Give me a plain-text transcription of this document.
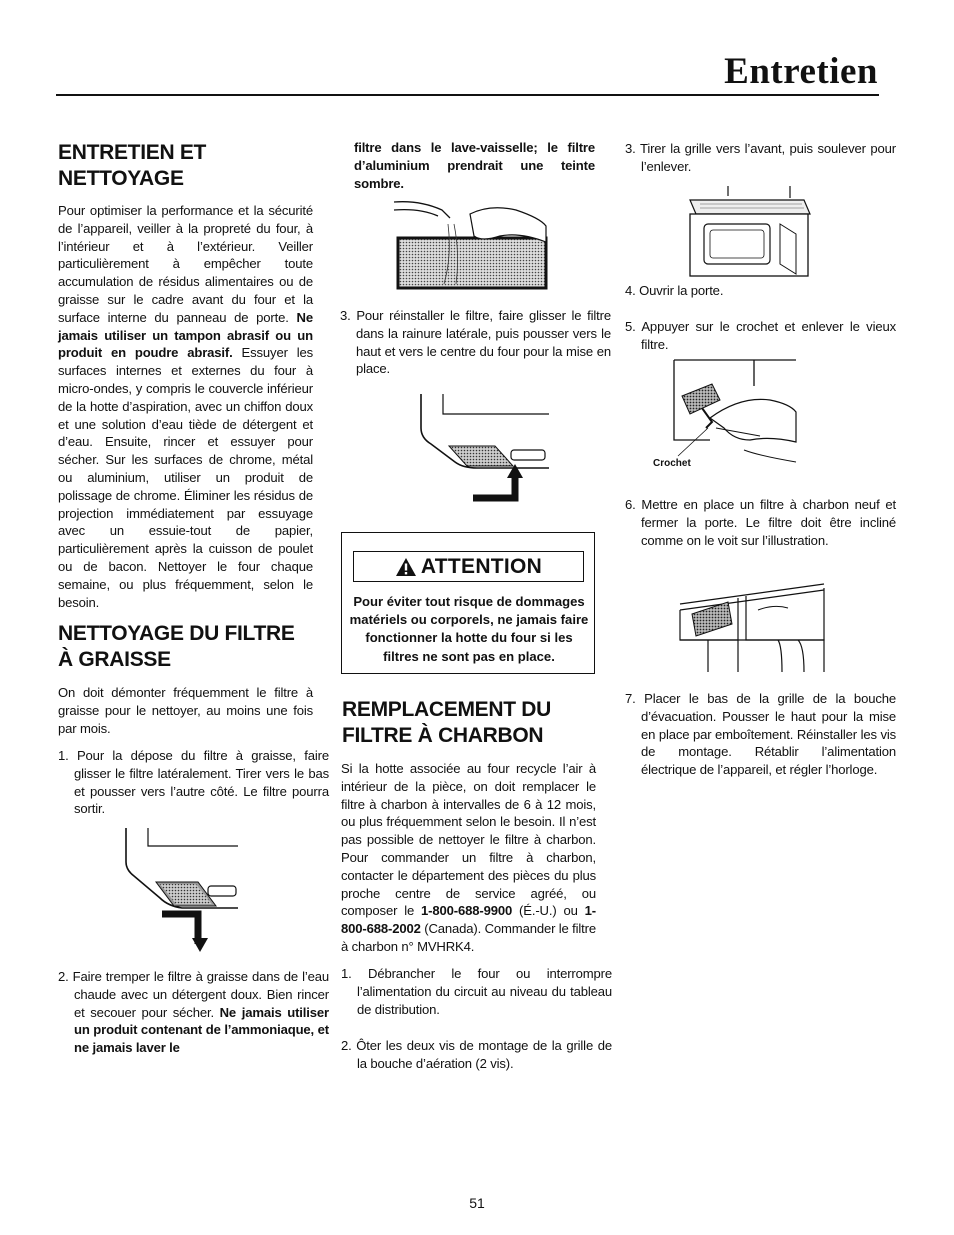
Entretien
ENTRETIEN ET NETTOYAGE

Pour optimiser la performance et la sécurité de l’appareil, veiller à la propreté du four, à l’intérieur et à l’extérieur. Veiller particulièrement à empêcher toute accumulation de résidus alimentaires ou de graisse sur le cadre avant du four et la surface interne du panneau de porte. Ne jamais utiliser un tampon abrasif ou un produit en poudre abrasif. Essuyer les surfaces internes et externes du four à micro-ondes, y compris le couvercle inférieur de la hotte d’aspiration, avec un chiffon doux et une solution d’eau tiède de détergent et d’eau. Ensuite, rincer et essuyer pour sécher. Sur les surfaces de chrome, métal ou aluminium, utiliser un produit de polissage de chrome. Éliminer les résidus de projection immédiatement par essuyage avec un essuie-tout de papier, particulièrement après la cuisson de poulet ou de bacon. Nettoyer le four chaque semaine, ou plus fréquemment, selon le besoin.

NETTOYAGE DU FILTRE À GRAISSE

On doit démonter fréquemment le filtre à graisse pour le nettoyer, au moins une fois par mois.

1. Pour la dépose du filtre à graisse, faire glisser le filtre latéralement. Tirer vers le bas et pousser vers l’autre côté. Le filtre pourra sortir.

2. Faire tremper le filtre à graisse dans de l’eau chaude avec un détergent doux. Bien rincer et secouer pour sécher. Ne jamais utiliser un produit contenant de l’ammoniaque, et ne jamais laver le

filtre dans le lave-vaisselle; le filtre d’aluminium prendrait une teinte sombre.

3. Pour réinstaller le filtre, faire glisser le filtre dans la rainure latérale, puis pousser vers le haut et vers le centre du four pour la mise en place.

ATTENTION

Pour éviter tout risque de dommages matériels ou corporels, ne jamais faire fonctionner la hotte du four si les filtres ne sont pas en place.

REMPLACEMENT DU FILTRE À CHARBON

Si la hotte associée au four recycle l’air à intérieur de la pièce, on doit remplacer le filtre à charbon à intervalles de 6 à 12 mois, ou plus fréquemment selon le besoin. Il n’est pas possible de nettoyer le filtre à charbon. Pour commander un filtre à charbon, contacter le département des pièces du plus proche centre de service agréé, ou composer le 1-800-688-9900 (É.-U.) ou 1-800-688-2002 (Canada). Commander le filtre à charbon n° MVHRK4.

1. Débrancher le four ou interrompre l’alimentation du circuit au niveau du tableau de distribution.

2. Ôter les deux vis de montage de la grille de la bouche d’aération (2 vis).

3. Tirer la grille vers l’avant, puis soulever pour l’enlever.

4. Ouvrir la porte.

5. Appuyer sur le crochet et enlever le vieux filtre.

Crochet

6. Mettre en place un filtre à charbon neuf et fermer la porte. Le filtre doit être incliné comme on le voit sur l’illustration.

7. Placer le bas de la grille de la bouche d’évacuation. Pousser le haut pour la mise en place par emboîtement. Réinstaller les vis de montage. Rétablir l’alimentation électrique de l’appareil, et régler l’horloge.

51
